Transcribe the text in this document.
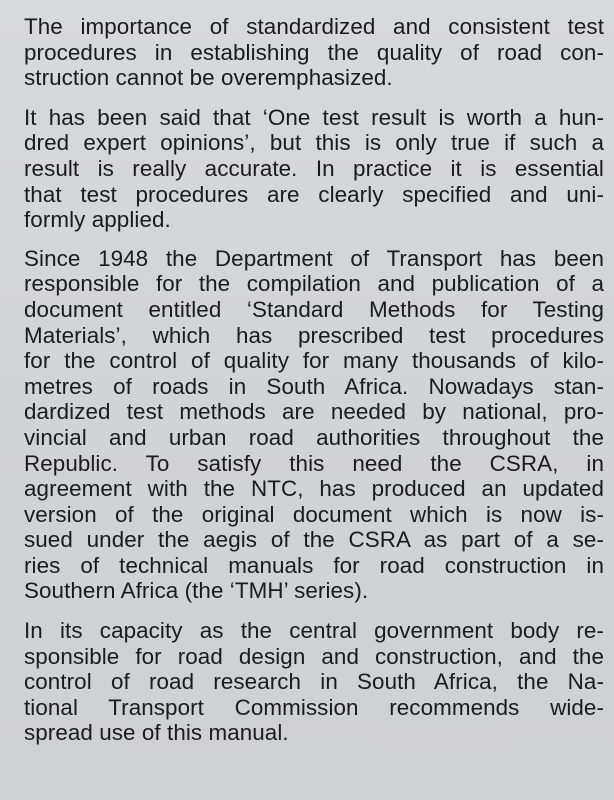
The importance of standardized and consistent test
procedures in establishing the quality of road con-
struction cannot be overemphasized.
It has been said that ‘One test result is worth a hun-
dred expert opinions’, but this is only true if such a
result is really accurate. In practice it is essential
that test procedures are clearly specified and uni-
formly applied.
Since 1948 the Department of Transport has been
responsible for the compilation and publication of a
document entitled ‘Standard Methods for Testing
Materials’, which has prescribed test procedures
for the control of quality for many thousands of kilo-
metres of roads in South Africa. Nowadays stan-
dardized test methods are needed by national, pro-
vincial and urban road authorities throughout the
Republic. To satisfy this need the CSRA, in
agreement with the NTC, has produced an updated
version of the original document which is now is-
sued under the aegis of the CSRA as part of a se-
ries of technical manuals for road construction in
Southern Africa (the ‘TMH’ series).
In its capacity as the central government body re-
sponsible for road design and construction, and the
control of road research in South Africa, the Na-
tional Transport Commission recommends wide-
spread use of this manual.
